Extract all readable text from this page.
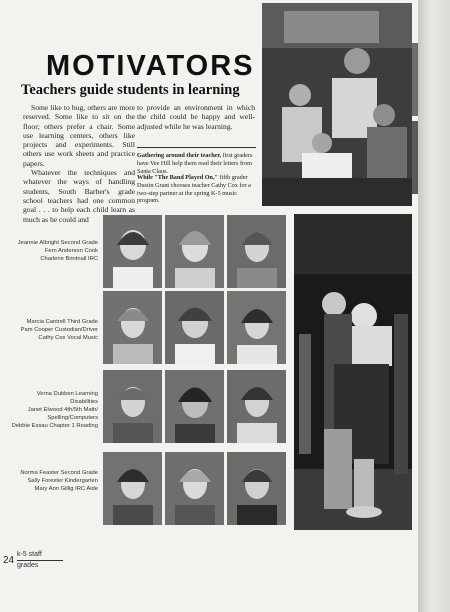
MOTIVATORS
Teachers guide students in learning

Some like to hug, others are more reserved. Some like to sit on the floor; others prefer a chair. Some use learning centers, others like projects and experiments. Still others use work sheets and practice papers.

Whatever the techniques and whatever the ways of handling students, South Barber's grade school teachers had one common goal . . . to help each child learn as much as he could and

to provide an environment in which the child could be happy and well-adjusted while he was learning.

Gathering around their teacher, first graders have Vee Hill help them read their letters from Santa Claus.
While "The Band Played On," fifth grader Dustin Grant chooses teacher Cathy Cox for a two-step partner at the spring K-5 music program.
Jeannie Albright Second Grade
Fern Anderson Cook
Charlene Brintnall IRC
Marcia Cantrell Third Grade
Pam Cooper Custodian/Driver
Cathy Cox Vocal Music
Verna Dubben Learning
Disabilities
Janet Elwood 4th/5th Math/
Spelling/Computers
Debbie Essau Chapter 1 Reading
Norma Feaster Second Grade
Sally Forester Kindergarten
Mary Ann Gillig IRC Aide
24
k-5 staff
grades
